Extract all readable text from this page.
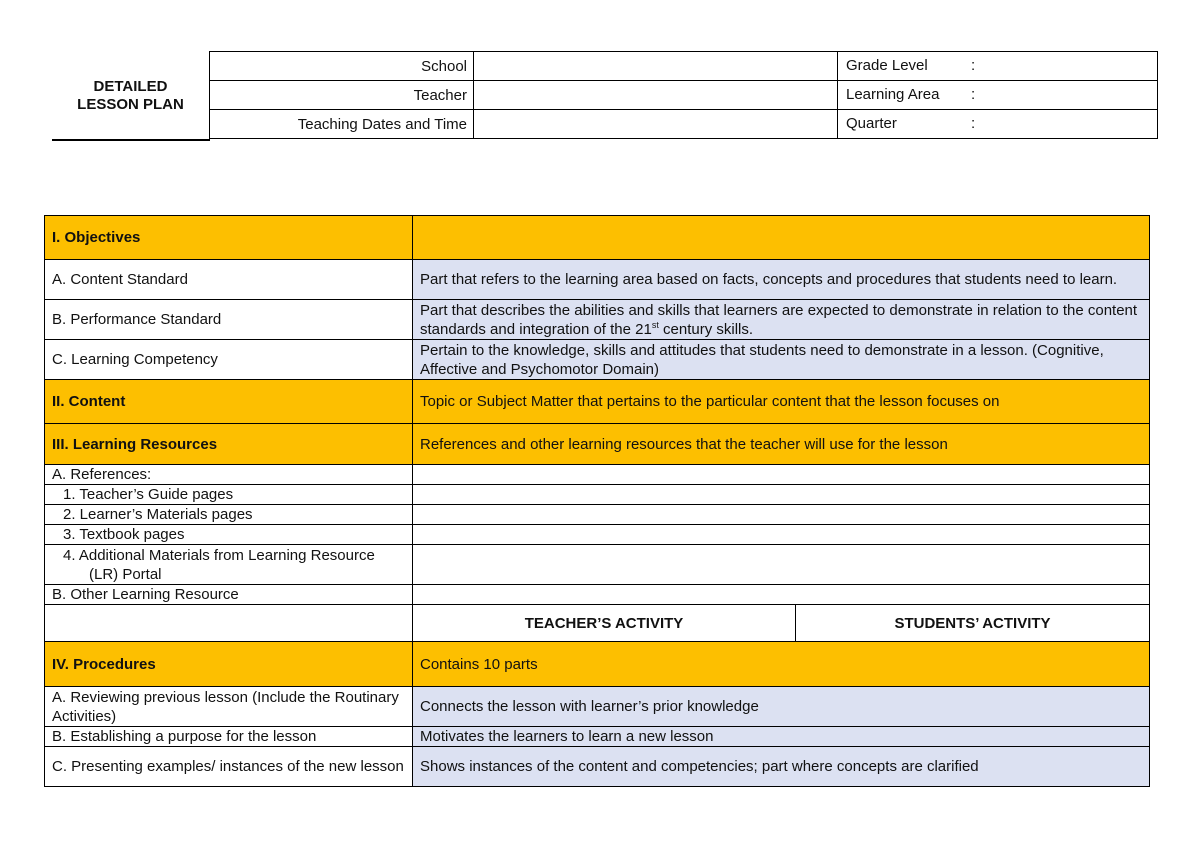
DETAILED
LESSON PLAN
School		Grade Level :

Teacher		Learning Area :

Teaching Dates and Time		Quarter :
I. Objectives		
A. Content Standard	Part that refers to the learning area based on facts, concepts and procedures that students need to learn.	
B. Performance Standard	Part that describes the abilities and skills that learners are expected to demonstrate in relation to the content standards and integration of the 21st century skills.	
C. Learning Competency	Pertain to the knowledge, skills and attitudes that students need to demonstrate in a lesson. (Cognitive, Affective and Psychomotor Domain)	
II. Content	Topic or Subject Matter that pertains to the particular content that the lesson focuses on	
III. Learning Resources	References and other learning resources that the teacher will use for the lesson	
A. References:		
1. Teacher’s Guide pages		
2. Learner’s Materials pages		
3. Textbook pages		
4. Additional Materials from Learning Resource (LR) Portal		
B. Other Learning Resource		
	TEACHER’S ACTIVITY	STUDENTS’ ACTIVITY
IV. Procedures	Contains 10 parts	
A. Reviewing previous lesson (Include the Routinary Activities)	Connects the lesson with learner’s prior knowledge	
B. Establishing a purpose for the lesson	Motivates the learners to learn a new lesson	
C. Presenting examples/ instances of the new lesson	Shows instances of the content and competencies; part where concepts are clarified	
